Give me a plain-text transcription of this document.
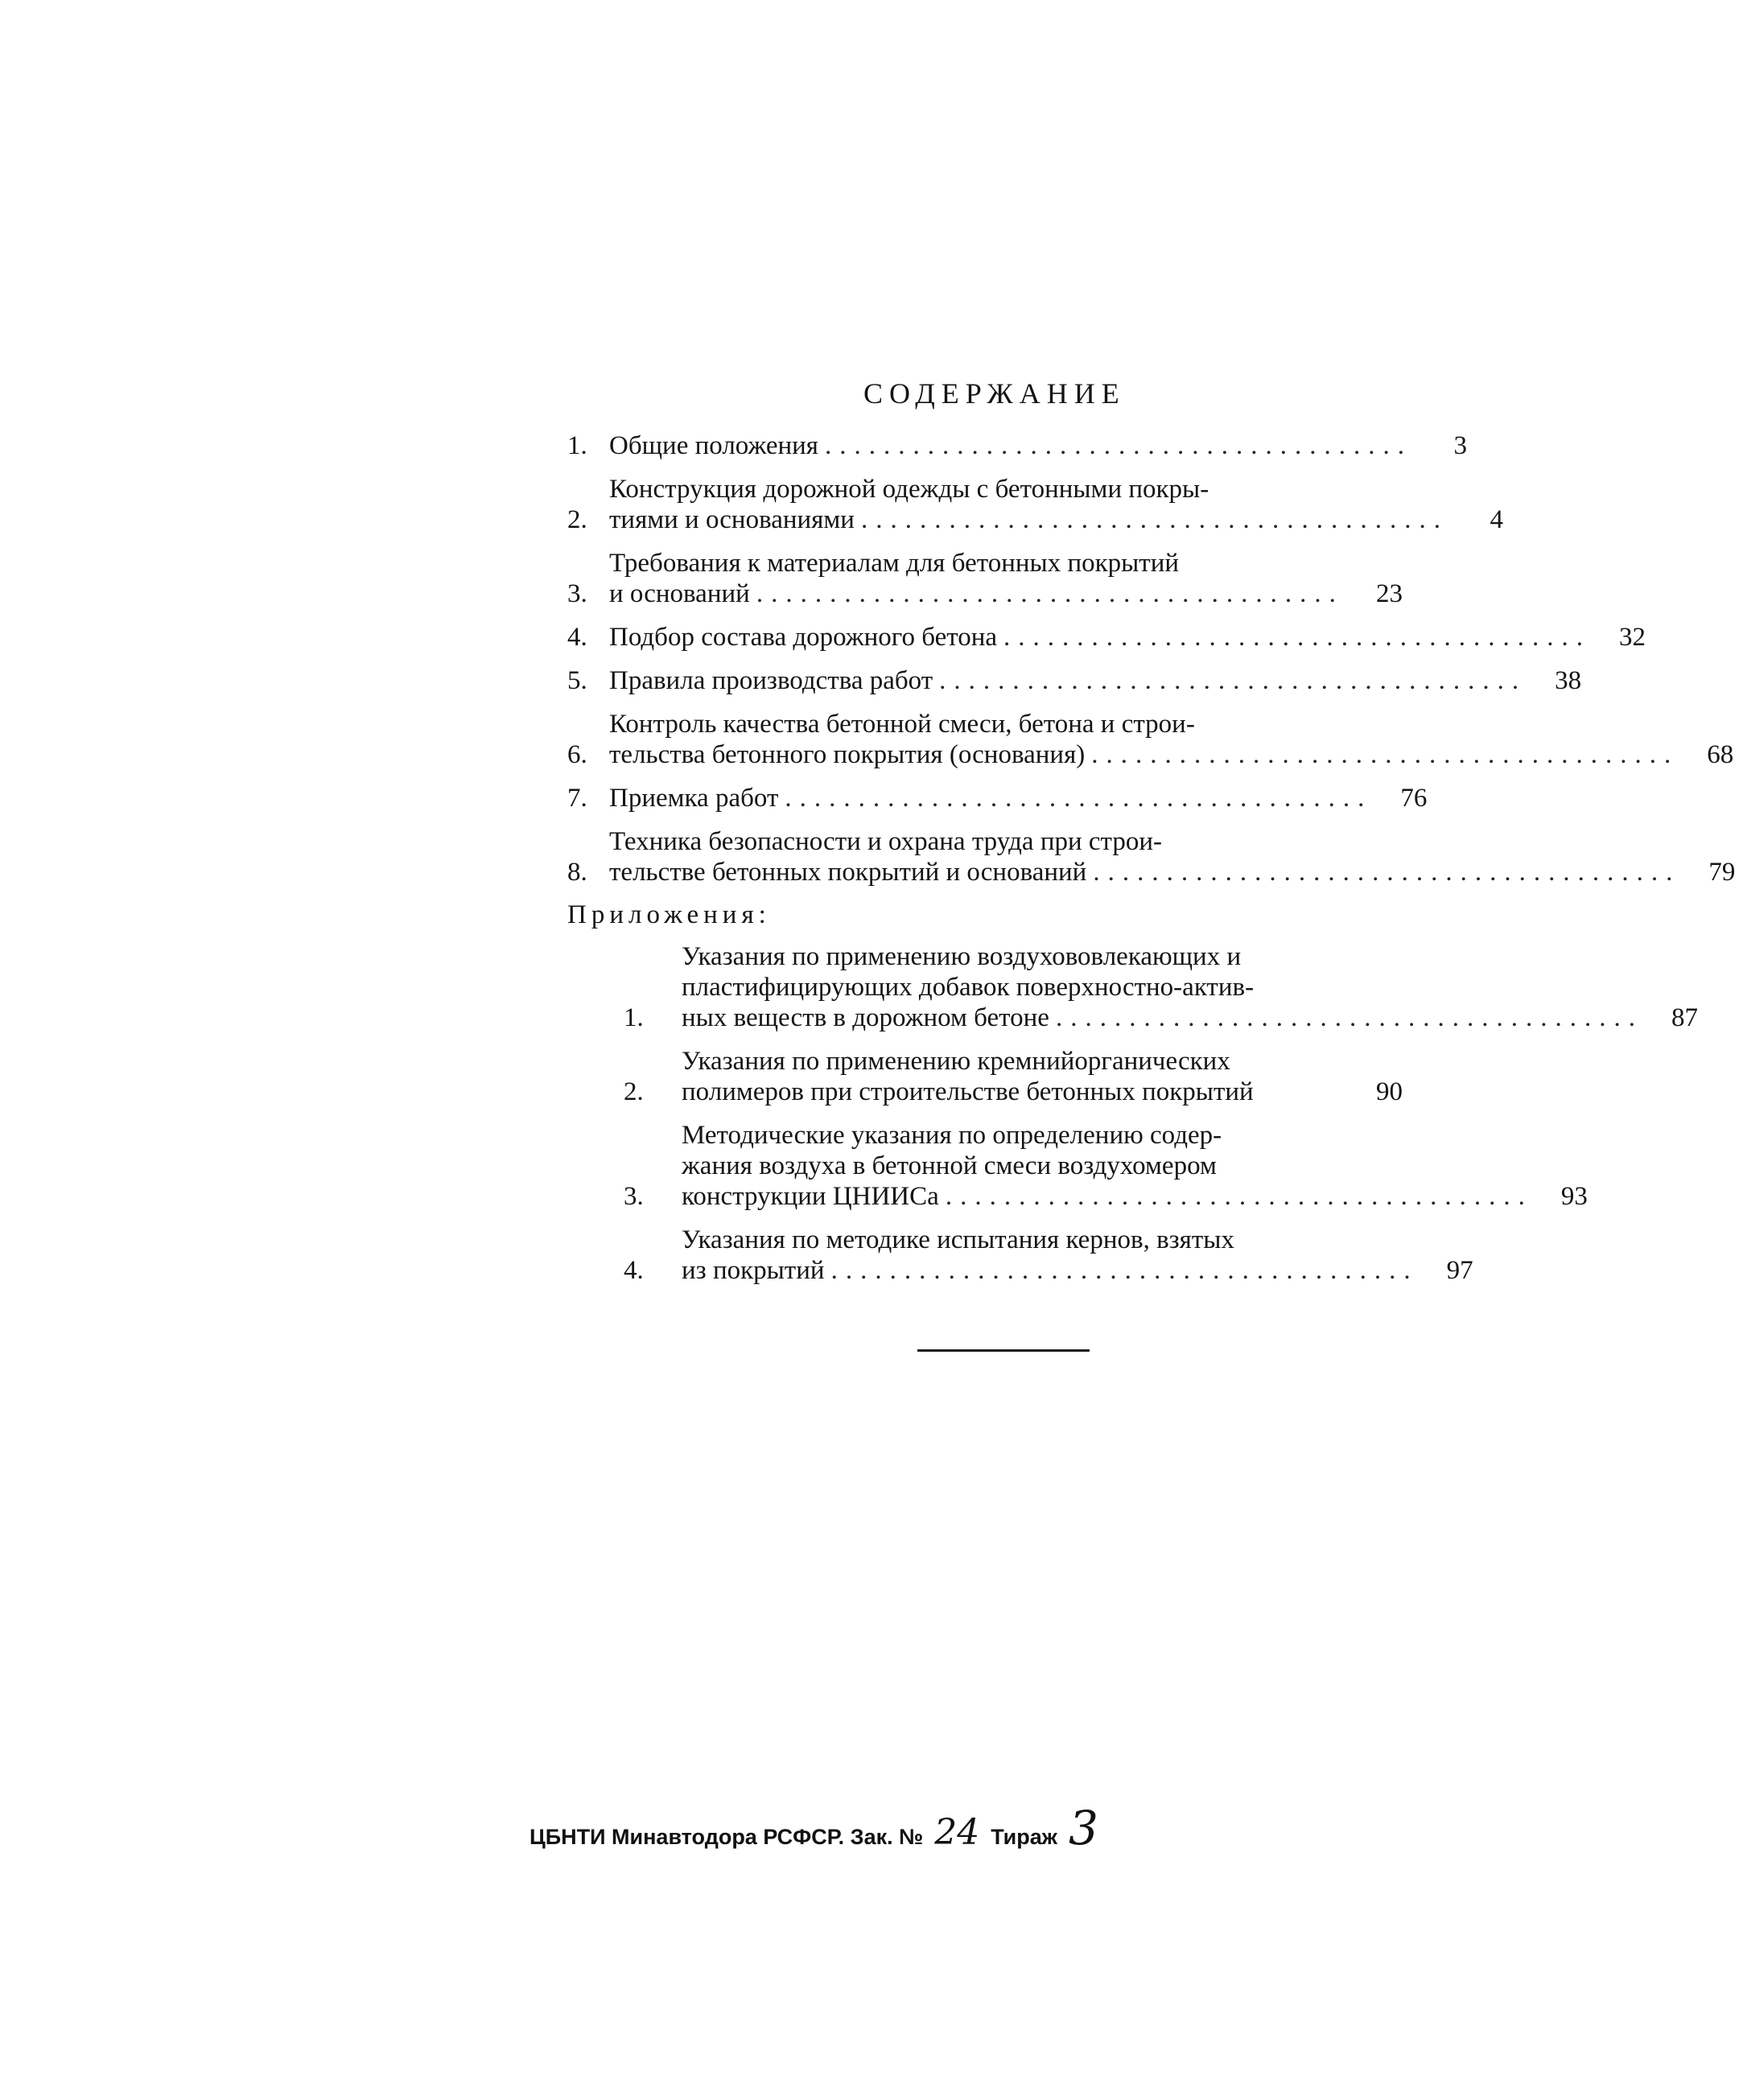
СОДЕРЖАНИЕ
1. Общие положения ........................................	3
2.
Конструкция дорожной одежды с бетонными покры-
тиями и основаниями ........................................	4
3.
Требования к материалам для бетонных покрытий
и оснований ........................................	23
4. Подбор состава дорожного бетона ........................................	32
5. Правила производства работ ........................................	38
6.
Контроль качества бетонной смеси, бетона и строи-
тельства бетонного покрытия (основания) ........................................	68
7. Приемка работ ........................................	76
8.
Техника безопасности и охрана труда при строи-
тельстве бетонных покрытий и оснований ........................................	79
Приложения:
1.
Указания по применению воздухововлекающих и
пластифицирующих добавок поверхностно-актив-
ных веществ в дорожном бетоне ........................................	87
2.
Указания по применению кремнийорганических
полимеров при строительстве бетонных покрытий	90
3.
Методические указания по определению содер-
жания воздуха в бетонной смеси воздухомером
конструкции ЦНИИСа ........................................	93
4.
Указания по методике испытания кернов, взятых
из покрытий ........................................	97
ЦБНТИ Минавтодора РСФСР. Зак. № 24 Тираж 3
